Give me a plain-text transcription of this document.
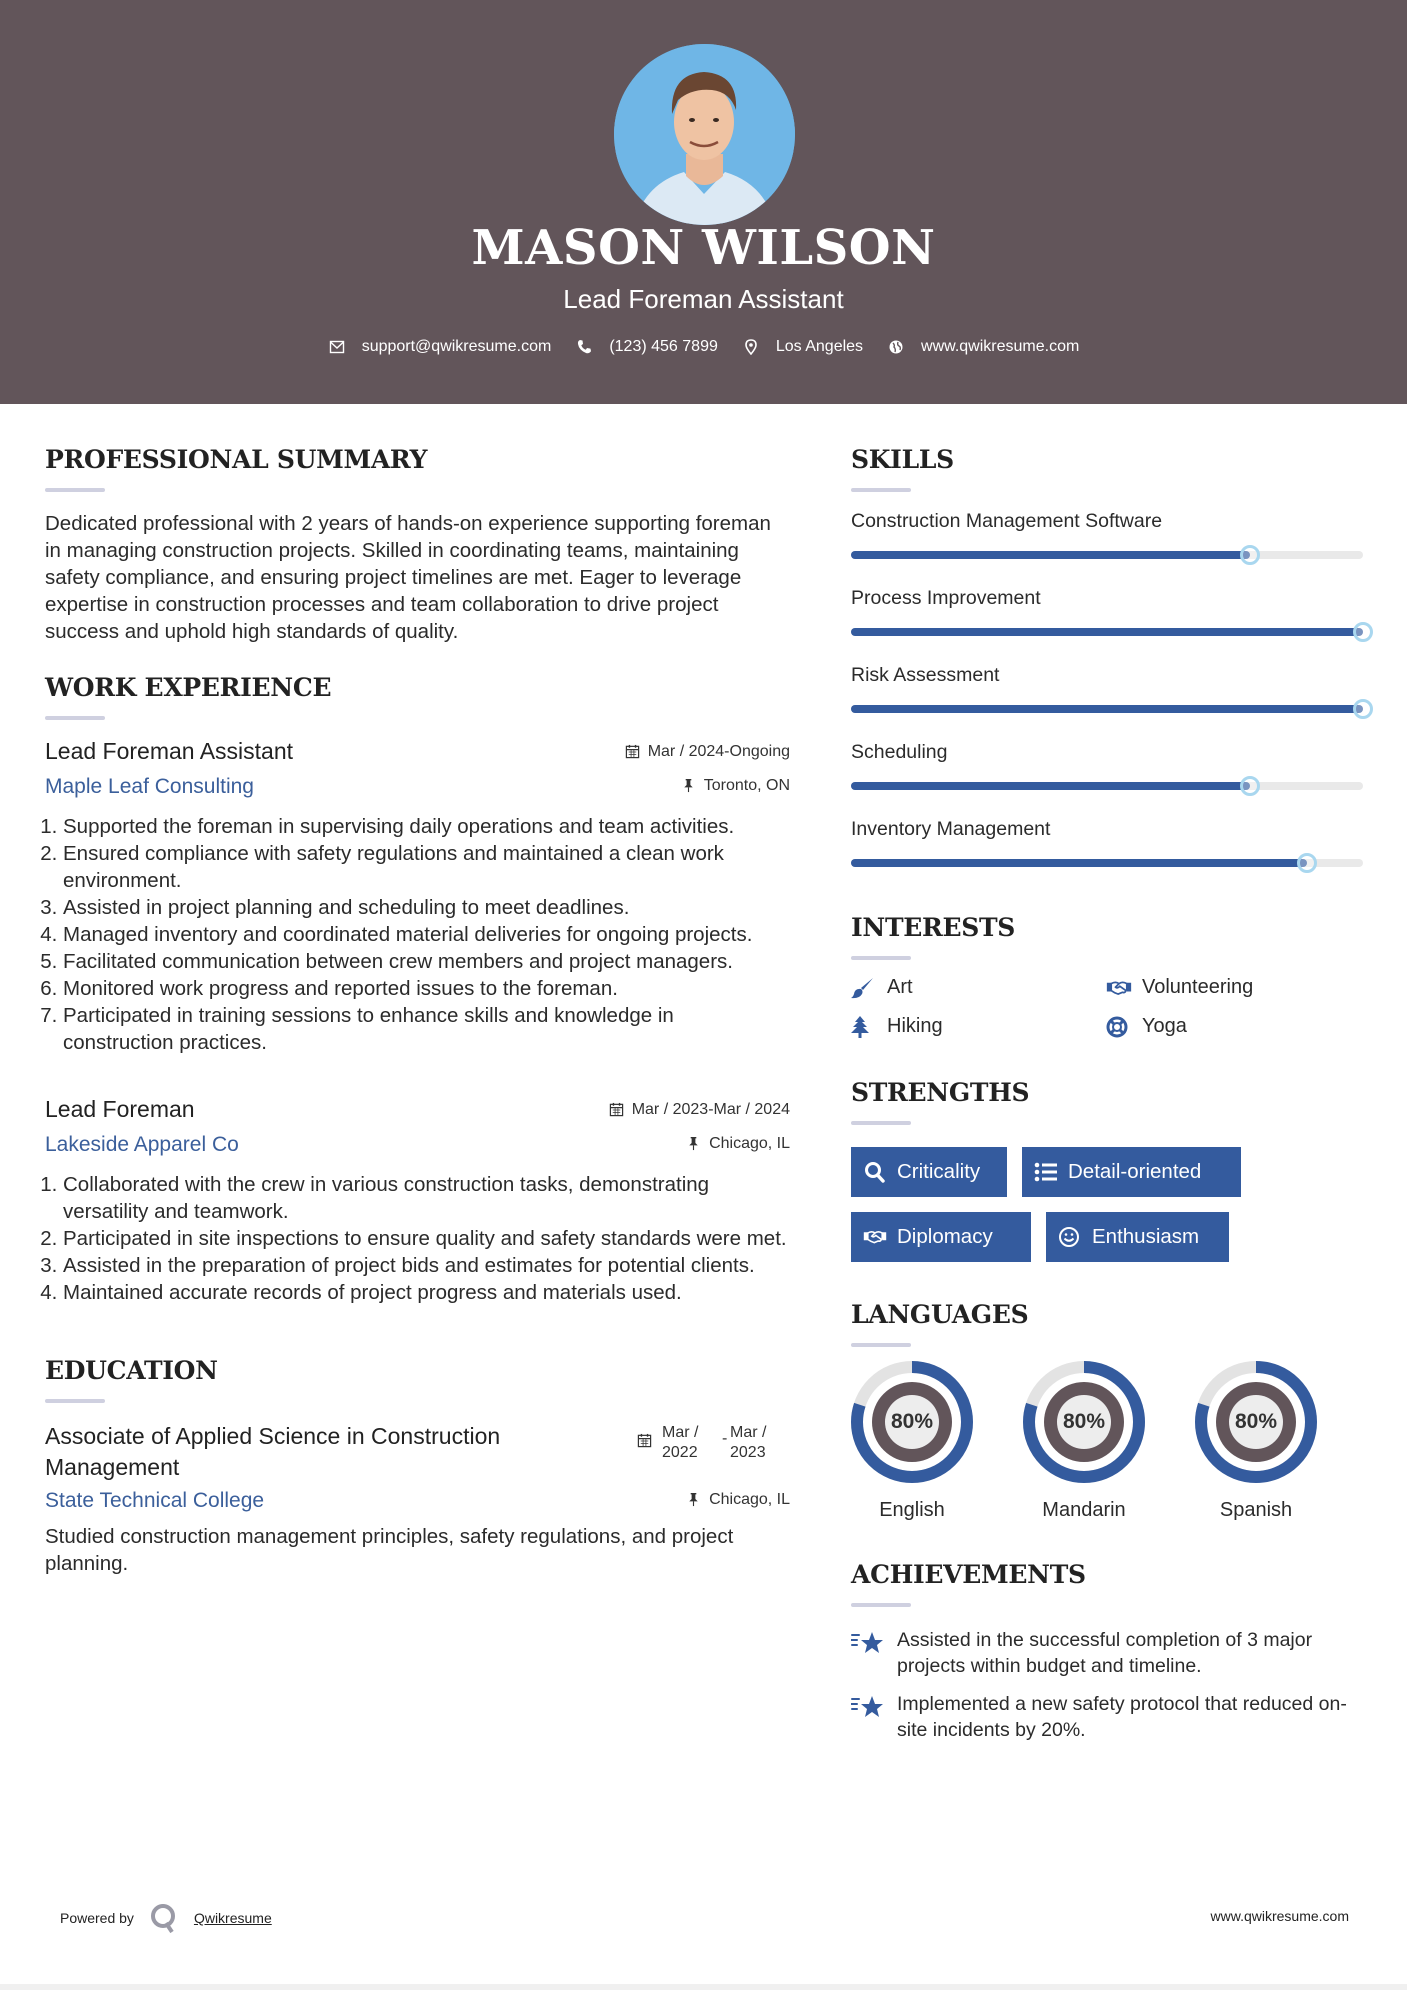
MASON WILSON
Lead Foreman Assistant
support@qwikresume.com	(123) 456 7899	Los Angeles	www.qwikresume.com
PROFESSIONAL SUMMARY

Dedicated professional with 2 years of hands-on experience supporting foreman in managing construction projects. Skilled in coordinating teams, maintaining safety compliance, and ensuring project timelines are met. Eager to leverage expertise in construction processes and team collaboration to drive project success and uphold high standards of quality.

WORK EXPERIENCE
Lead Foreman Assistant	Mar / 2024-Ongoing
Maple Leaf Consulting	Toronto, ON
1. Supported the foreman in supervising daily operations and team activities.
2. Ensured compliance with safety regulations and maintained a clean work environment.
3. Assisted in project planning and scheduling to meet deadlines.
4. Managed inventory and coordinated material deliveries for ongoing projects.
5. Facilitated communication between crew members and project managers.
6. Monitored work progress and reported issues to the foreman.
7. Participated in training sessions to enhance skills and knowledge in construction practices.
Lead Foreman	Mar / 2023-Mar / 2024
Lakeside Apparel Co	Chicago, IL
1. Collaborated with the crew in various construction tasks, demonstrating versatility and teamwork.
2. Participated in site inspections to ensure quality and safety standards were met.
3. Assisted in the preparation of project bids and estimates for potential clients.
4. Maintained accurate records of project progress and materials used.
EDUCATION
Associate of Applied Science in Construction Management
Mar /
2022
- Mar /
2023
State Technical College	Chicago, IL

Studied construction management principles, safety regulations, and project planning.

SKILLS
Construction Management Software
Process Improvement
Risk Assessment
Scheduling
Inventory Management
INTERESTS
Art	Volunteering
Hiking	Yoga
STRENGTHS
Criticality	Detail-oriented
Diplomacy	Enthusiasm
LANGUAGES
80%
English
80%
Mandarin
80%
Spanish
ACHIEVEMENTS
Assisted in the successful completion of 3 major projects within budget and timeline.
Implemented a new safety protocol that reduced on-site incidents by 20%.
Powered by	Qwikresume	www.qwikresume.com
